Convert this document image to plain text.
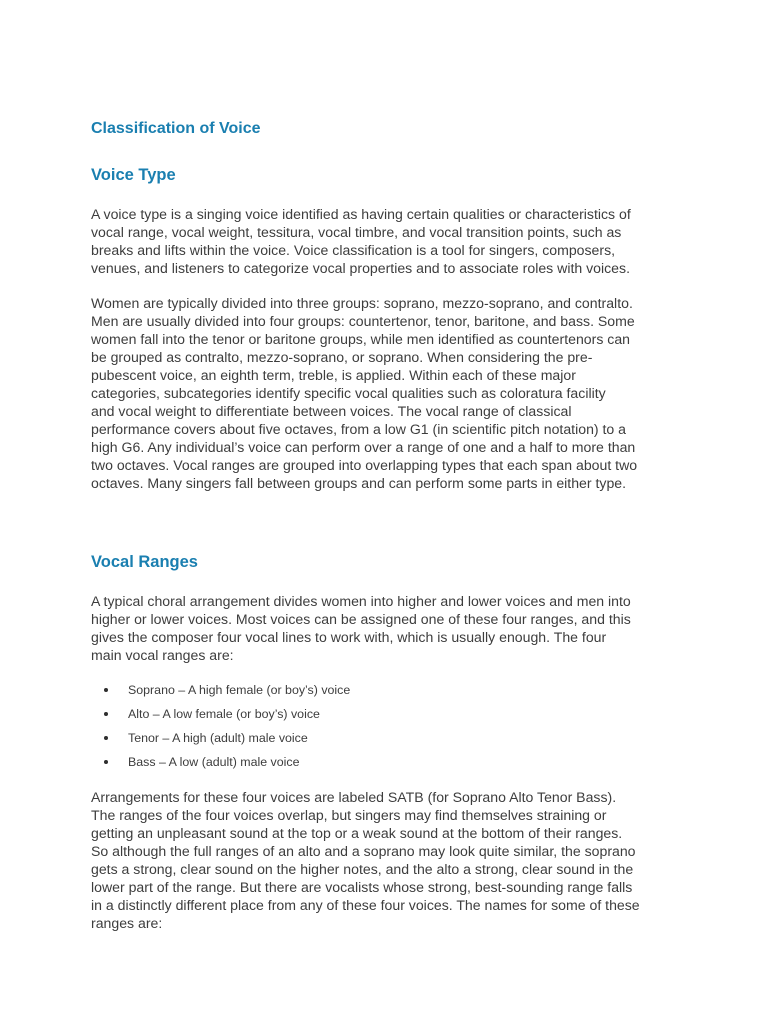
Classification of Voice
Voice Type

A voice type is a singing voice identified as having certain qualities or characteristics of
vocal range, vocal weight, tessitura, vocal timbre, and vocal transition points, such as
breaks and lifts within the voice. Voice classification is a tool for singers, composers,
venues, and listeners to categorize vocal properties and to associate roles with voices.

Women are typically divided into three groups: soprano, mezzo-soprano, and contralto.
Men are usually divided into four groups: countertenor, tenor, baritone, and bass. Some
women fall into the tenor or baritone groups, while men identified as countertenors can
be grouped as contralto, mezzo-soprano, or soprano. When considering the pre-
pubescent voice, an eighth term, treble, is applied. Within each of these major
categories, subcategories identify specific vocal qualities such as coloratura facility
and vocal weight to differentiate between voices. The vocal range of classical
performance covers about five octaves, from a low G1 (in scientific pitch notation) to a
high G6. Any individual’s voice can perform over a range of one and a half to more than
two octaves. Vocal ranges are grouped into overlapping types that each span about two
octaves. Many singers fall between groups and can perform some parts in either type.

Vocal Ranges

A typical choral arrangement divides women into higher and lower voices and men into
higher or lower voices. Most voices can be assigned one of these four ranges, and this
gives the composer four vocal lines to work with, which is usually enough. The four
main vocal ranges are:

Soprano – A high female (or boy’s) voice
Alto – A low female (or boy’s) voice
Tenor – A high (adult) male voice
Bass – A low (adult) male voice

Arrangements for these four voices are labeled SATB (for Soprano Alto Tenor Bass).
The ranges of the four voices overlap, but singers may find themselves straining or
getting an unpleasant sound at the top or a weak sound at the bottom of their ranges.
So although the full ranges of an alto and a soprano may look quite similar, the soprano
gets a strong, clear sound on the higher notes, and the alto a strong, clear sound in the
lower part of the range. But there are vocalists whose strong, best-sounding range falls
in a distinctly different place from any of these four voices. The names for some of these
ranges are:
